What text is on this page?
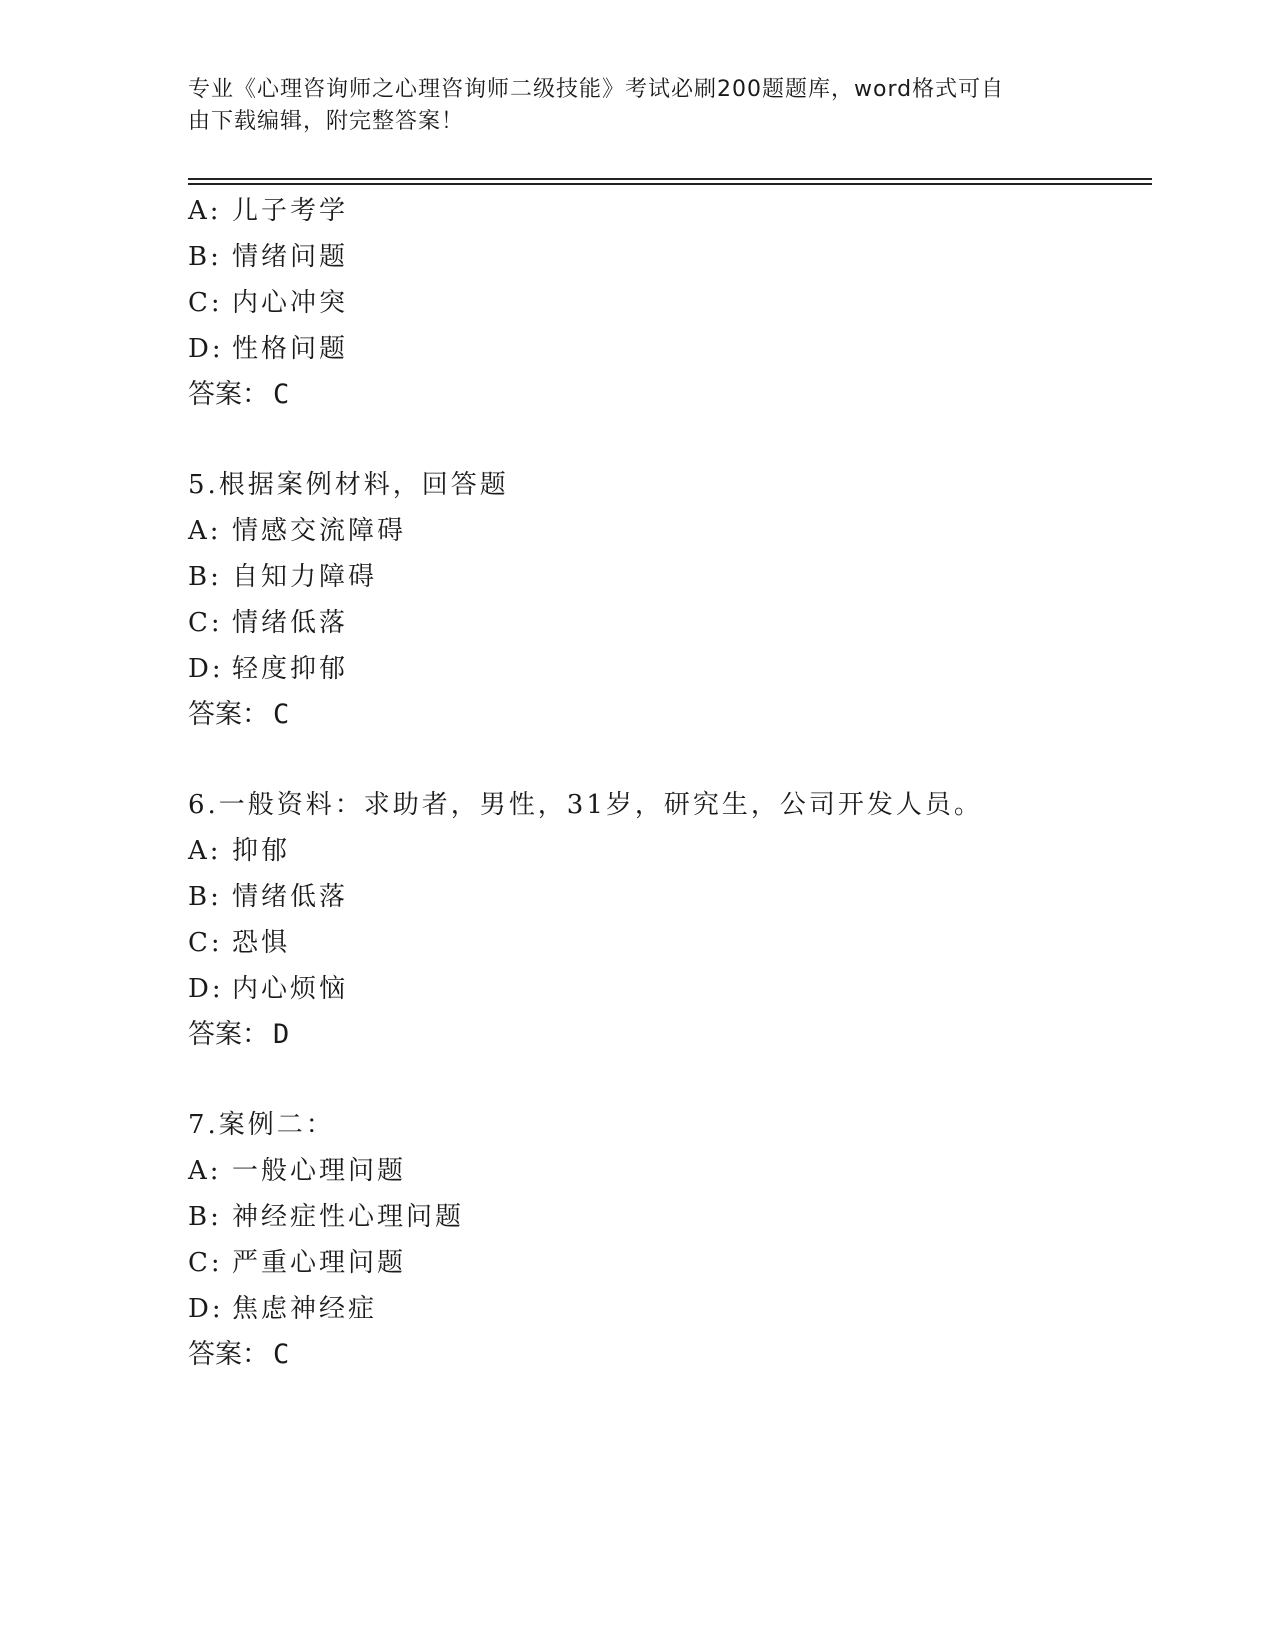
专业《心理咨询师之心理咨询师二级技能》考试必刷200题题库，word格式可自
由下载编辑，附完整答案！
A: 儿子考学
B: 情绪问题
C: 内心冲突
D: 性格问题
答案： C
5.根据案例材料，回答题
A: 情感交流障碍
B: 自知力障碍
C: 情绪低落
D: 轻度抑郁
答案： C
6.一般资料：求助者，男性，31岁，研究生，公司开发人员。
A: 抑郁
B: 情绪低落
C: 恐惧
D: 内心烦恼
答案： D
7.案例二：
A: 一般心理问题
B: 神经症性心理问题
C: 严重心理问题
D: 焦虑神经症
答案： C
